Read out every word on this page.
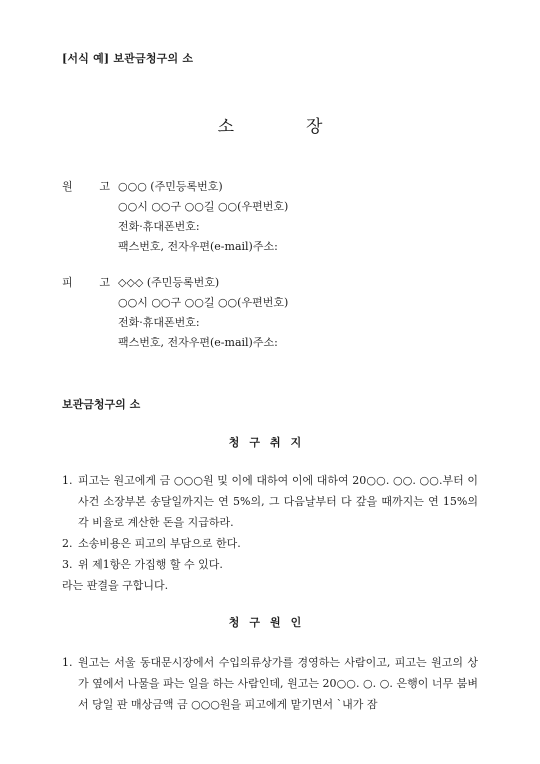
[서식 예] 보관금청구의 소
소	장
원 고 ○○○ (주민등록번호)
○○시 ○○구 ○○길 ○○(우편번호)
전화·휴대폰번호:
팩스번호, 전자우편(e-mail)주소:
피 고 ◇◇◇ (주민등록번호)
○○시 ○○구 ○○길 ○○(우편번호)
전화·휴대폰번호:
팩스번호, 전자우편(e-mail)주소:
보관금청구의 소
청구취지
1. 피고는 원고에게 금 ○○○원 및 이에 대하여 이에 대하여 20○○. ○○. ○○.부터 이 사건 소장부본 송달일까지는 연 5%의, 그 다음날부터 다 갚을 때까지는 연 15%의 각 비율로 계산한 돈을 지급하라.
2. 소송비용은 피고의 부담으로 한다.
3. 위 제1항은 가집행 할 수 있다.
라는 판결을 구합니다.
청구원인
1. 원고는 서울 동대문시장에서 수입의류상가를 경영하는 사람이고, 피고는 원고의 상가 옆에서 나물을 파는 일을 하는 사람인데, 원고는 20○○. ○. ○. 은행이 너무 붐벼서 당일 판 매상금액 금 ○○○원을 피고에게 맡기면서 `내가 잠
